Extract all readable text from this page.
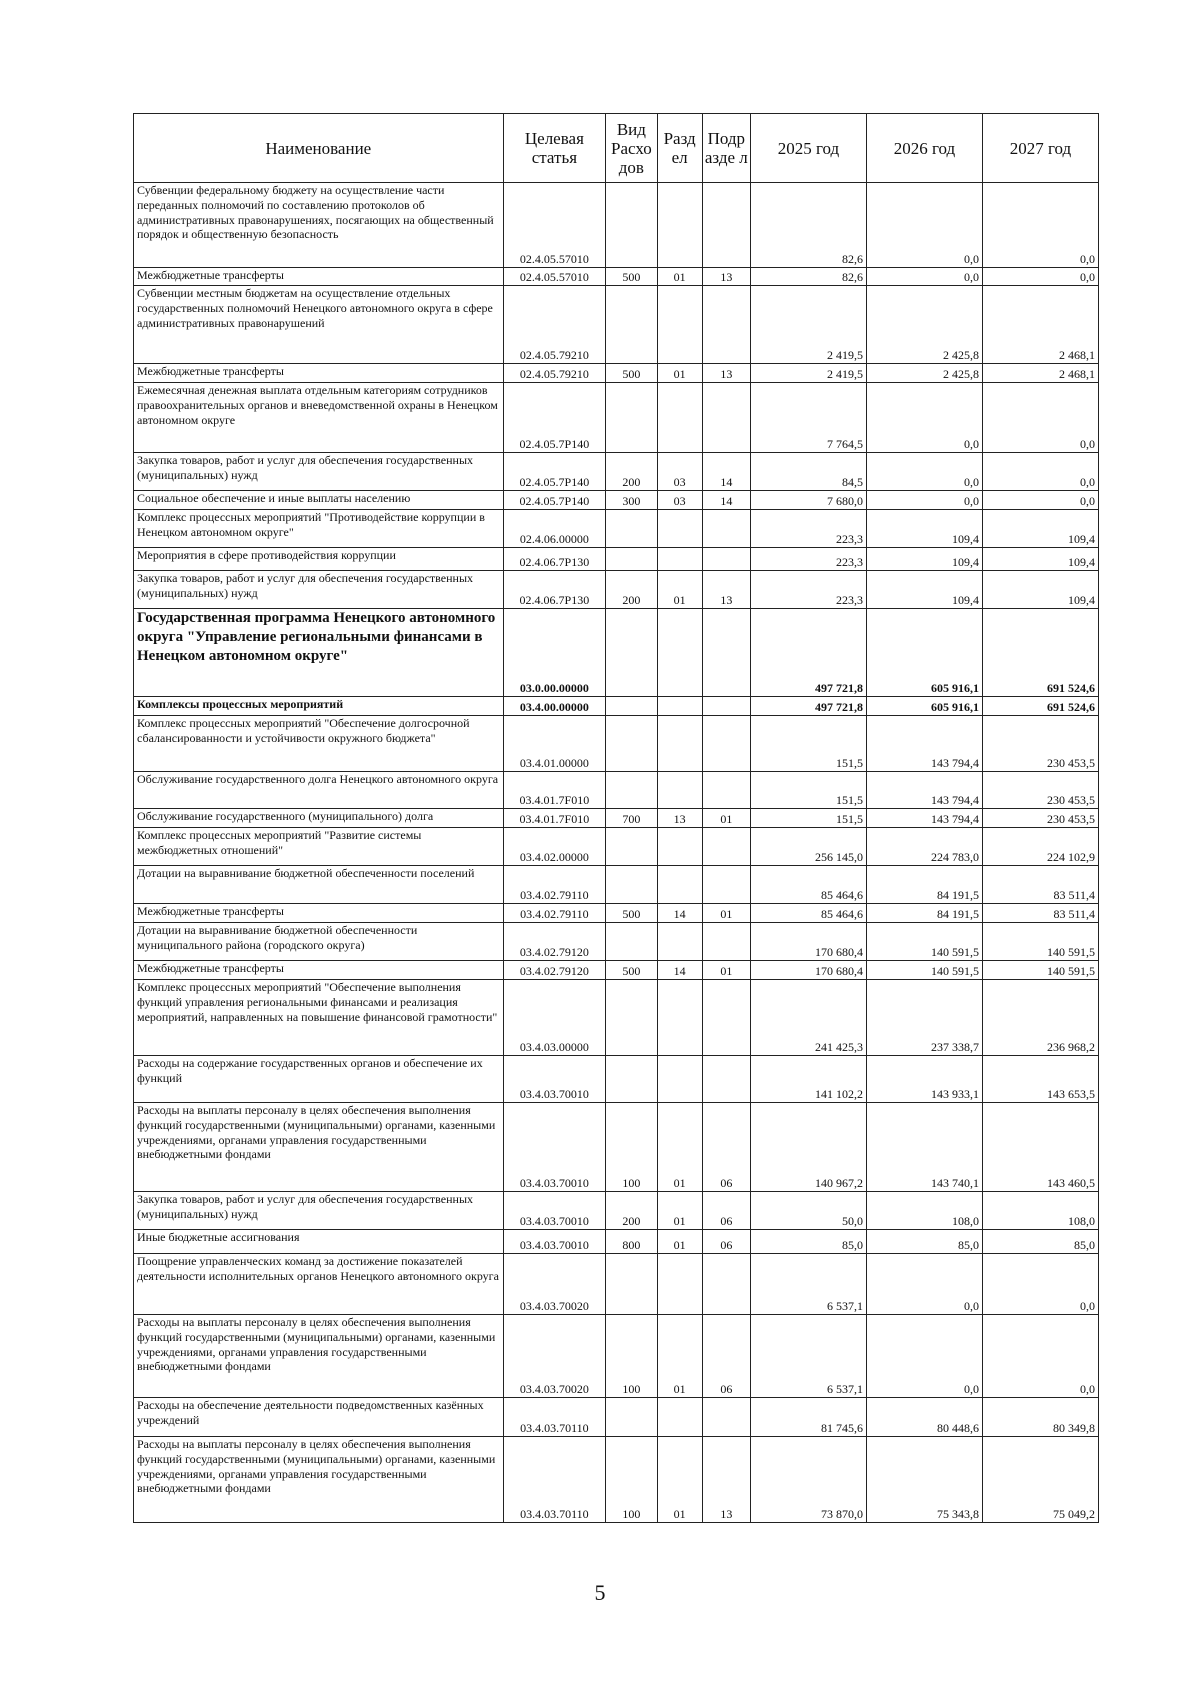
Наименование	Целевая статья	Вид Расхо дов	Разд ел	Подр азде л	2025 год	2026 год	2027 год
Субвенции федеральному бюджету на осуществление части переданных полномочий по составлению протоколов об административных правонарушениях, посягающих на общественный порядок и общественную безопасность	02.4.05.57010				82,6	0,0	0,0
Межбюджетные трансферты	02.4.05.57010	500	01	13	82,6	0,0	0,0
Субвенции местным бюджетам на осуществление отдельных государственных полномочий Ненецкого автономного округа в сфере административных правонарушений	02.4.05.79210				2 419,5	2 425,8	2 468,1
Межбюджетные трансферты	02.4.05.79210	500	01	13	2 419,5	2 425,8	2 468,1
Ежемесячная денежная выплата отдельным категориям сотрудников правоохранительных органов и вневедомственной охраны в Ненецком автономном округе	02.4.05.7Р140				7 764,5	0,0	0,0
Закупка товаров, работ и услуг для обеспечения государственных (муниципальных) нужд	02.4.05.7Р140	200	03	14	84,5	0,0	0,0
Социальное обеспечение и иные выплаты населению	02.4.05.7Р140	300	03	14	7 680,0	0,0	0,0
Комплекс процессных мероприятий "Противодействие коррупции в Ненецком автономном округе"	02.4.06.00000				223,3	109,4	109,4
Мероприятия в сфере противодействия коррупции	02.4.06.7Р130				223,3	109,4	109,4
Закупка товаров, работ и услуг для обеспечения государственных (муниципальных) нужд	02.4.06.7Р130	200	01	13	223,3	109,4	109,4
Государственная программа Ненецкого автономного округа "Управление региональными финансами в Ненецком автономном округе"	03.0.00.00000				497 721,8	605 916,1	691 524,6
Комплексы процессных мероприятий	03.4.00.00000				497 721,8	605 916,1	691 524,6
Комплекс процессных мероприятий "Обеспечение долгосрочной сбалансированности и устойчивости окружного бюджета"	03.4.01.00000				151,5	143 794,4	230 453,5
Обслуживание государственного долга Ненецкого автономного округа	03.4.01.7F010				151,5	143 794,4	230 453,5
Обслуживание государственного (муниципального) долга	03.4.01.7F010	700	13	01	151,5	143 794,4	230 453,5
Комплекс процессных мероприятий "Развитие системы межбюджетных отношений"	03.4.02.00000				256 145,0	224 783,0	224 102,9
Дотации на выравнивание бюджетной обеспеченности поселений	03.4.02.79110				85 464,6	84 191,5	83 511,4
Межбюджетные трансферты	03.4.02.79110	500	14	01	85 464,6	84 191,5	83 511,4
Дотации на выравнивание бюджетной обеспеченности муниципального района (городского округа)	03.4.02.79120				170 680,4	140 591,5	140 591,5
Межбюджетные трансферты	03.4.02.79120	500	14	01	170 680,4	140 591,5	140 591,5
Комплекс процессных мероприятий "Обеспечение выполнения функций управления региональными финансами и реализация мероприятий, направленных на повышение финансовой грамотности"	03.4.03.00000				241 425,3	237 338,7	236 968,2
Расходы на содержание государственных органов и обеспечение их функций	03.4.03.70010				141 102,2	143 933,1	143 653,5
Расходы на выплаты персоналу в целях обеспечения выполнения функций государственными (муниципальными) органами, казенными учреждениями, органами управления государственными внебюджетными фондами	03.4.03.70010	100	01	06	140 967,2	143 740,1	143 460,5
Закупка товаров, работ и услуг для обеспечения государственных (муниципальных) нужд	03.4.03.70010	200	01	06	50,0	108,0	108,0
Иные бюджетные ассигнования	03.4.03.70010	800	01	06	85,0	85,0	85,0
Поощрение управленческих команд за достижение показателей деятельности исполнительных органов Ненецкого автономного округа	03.4.03.70020				6 537,1	0,0	0,0
Расходы на выплаты персоналу в целях обеспечения выполнения функций государственными (муниципальными) органами, казенными учреждениями, органами управления государственными внебюджетными фондами	03.4.03.70020	100	01	06	6 537,1	0,0	0,0
Расходы на обеспечение деятельности подведомственных казённых учреждений	03.4.03.70110				81 745,6	80 448,6	80 349,8
Расходы на выплаты персоналу в целях обеспечения выполнения функций государственными (муниципальными) органами, казенными учреждениями, органами управления государственными внебюджетными фондами	03.4.03.70110	100	01	13	73 870,0	75 343,8	75 049,2
5
